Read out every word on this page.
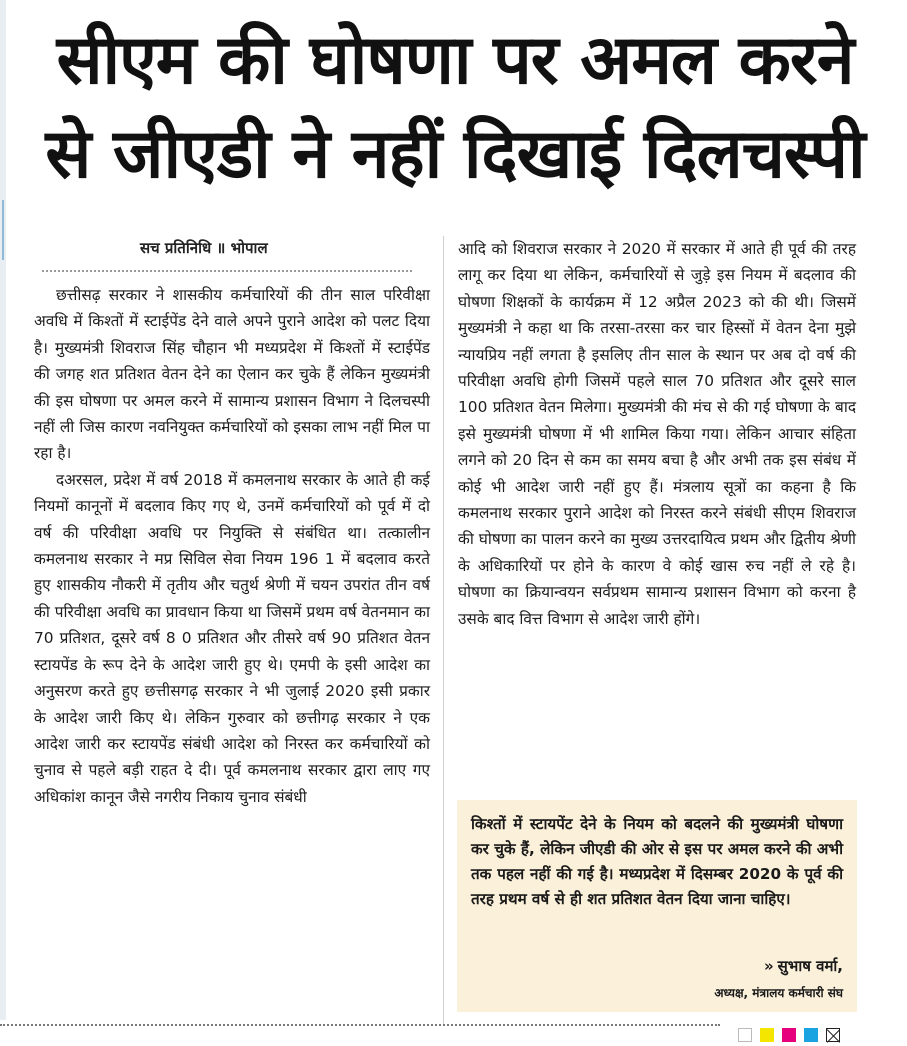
सीएम की घोषणा पर अमल करने
से जीएडी ने नहीं दिखाई दिलचस्पी
सच प्रतिनिधि ॥ भोपाल

छत्तीसढ़ सरकार ने शासकीय कर्मचारियों की तीन साल परिवीक्षा अवधि में किश्तों में स्टाईपेंड देने वाले अपने पुराने आदेश को पलट दिया है। मुख्यमंत्री शिवराज सिंह चौहान भी मध्यप्रदेश में किश्तों में स्टाईपेंड की जगह शत प्रतिशत वेतन देने का ऐलान कर चुके हैं लेकिन मुख्यमंत्री की इस घोषणा पर अमल करने में सामान्य प्रशासन विभाग ने दिलचस्पी नहीं ली जिस कारण नवनियुक्त कर्मचारियों को इसका लाभ नहीं मिल पा रहा है।

दअरसल, प्रदेश में वर्ष 2018 में कमलनाथ सरकार के आते ही कई नियमों कानूनों में बदलाव किए गए थे, उनमें कर्मचारियों को पूर्व में दो वर्ष की परिवीक्षा अवधि पर नियुक्ति से संबंधित था। तत्कालीन कमलनाथ सरकार ने मप्र सिविल सेवा नियम 196 1 में बदलाव करते हुए शासकीय नौकरी में तृतीय और चतुर्थ श्रेणी में चयन उपरांत तीन वर्ष की परिवीक्षा अवधि का प्रावधान किया था जिसमें प्रथम वर्ष वेतनमान का 70 प्रतिशत, दूसरे वर्ष 8 0 प्रतिशत और तीसरे वर्ष 90 प्रतिशत वेतन स्टायपेंड के रूप देने के आदेश जारी हुए थे। एमपी के इसी आदेश का अनुसरण करते हुए छत्तीसगढ़ सरकार ने भी जुलाई 2020 इसी प्रकार के आदेश जारी किए थे। लेकिन गुरुवार को छत्तीगढ़ सरकार ने एक आदेश जारी कर स्टायपेंड संबंधी आदेश को निरस्त कर कर्मचारियों को चुनाव से पहले बड़ी राहत दे दी। पूर्व कमलनाथ सरकार द्वारा लाए गए अधिकांश कानून जैसे नगरीय निकाय चुनाव संबंधी

आदि को शिवराज सरकार ने 2020 में सरकार में आते ही पूर्व की तरह लागू कर दिया था लेकिन, कर्मचारियों से जुड़े इस नियम में बदलाव की घोषणा शिक्षकों के कार्यक्रम में 12 अप्रैल 2023 को की थी। जिसमें मुख्यमंत्री ने कहा था कि तरसा-तरसा कर चार हिस्सों में वेतन देना मुझे न्यायप्रिय नहीं लगता है इसलिए तीन साल के स्थान पर अब दो वर्ष की परिवीक्षा अवधि होगी जिसमें पहले साल 70 प्रतिशत और दूसरे साल 100 प्रतिशत वेतन मिलेगा। मुख्यमंत्री की मंच से की गई घोषणा के बाद इसे मुख्यमंत्री घोषणा में भी शामिल किया गया। लेकिन आचार संहिता लगने को 20 दिन से कम का समय बचा है और अभी तक इस संबंध में कोई भी आदेश जारी नहीं हुए हैं। मंत्रलाय सूत्रों का कहना है कि कमलनाथ सरकार पुराने आदेश को निरस्त करने संबंधी सीएम शिवराज की घोषणा का पालन करने का मुख्य उत्तरदायित्व प्रथम और द्वितीय श्रेणी के अधिकारियों पर होने के कारण वे कोई खास रुच नहीं ले रहे है। घोषणा का क्रियान्वयन सर्वप्रथम सामान्य प्रशासन विभाग को करना है उसके बाद वित्त विभाग से आदेश जारी होंगे।

किश्तों में स्टायपेंट देने के नियम को बदलने की मुख्यमंत्री घोषणा कर चुके हैं, लेकिन जीएडी की ओर से इस पर अमल करने की अभी तक पहल नहीं की गई है। मध्यप्रदेश में दिसम्बर 2020 के पूर्व की तरह प्रथम वर्ष से ही शत प्रतिशत वेतन दिया जाना चाहिए।

» सुभाष वर्मा,
अध्यक्ष, मंत्रालय कर्मचारी संघ
